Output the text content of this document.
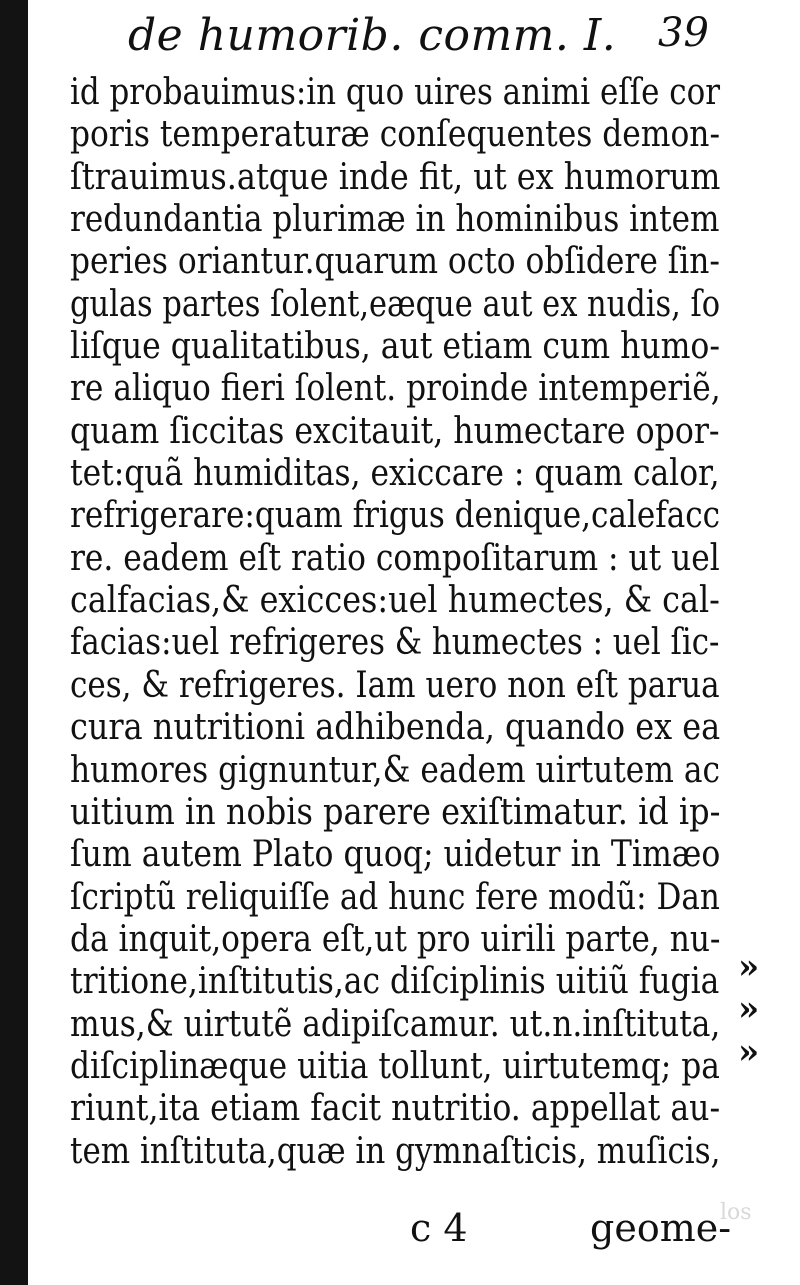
de humorib. comm. I. 39
id probauimus:in quo uires animi eſſe cor
poris temperaturæ conſequentes demon-
ſtrauimus.atque inde fit, ut ex humorum
redundantia plurimæ in hominibus intem
peries oriantur.quarum octo obſidere ſin-
gulas partes ſolent,eæque aut ex nudis, ſo
liſque qualitatibus, aut etiam cum humo-
re aliquo fieri ſolent. proinde intemperiẽ,
quam ſiccitas excitauit, humectare opor-
tet:quã humiditas, exiccare : quam calor,
refrigerare:quam frigus denique,calefacc
re. eadem eſt ratio compoſitarum : ut uel
calfacias,& exicces:uel humectes, & cal-
facias:uel refrigeres & humectes : uel ſic-
ces, & refrigeres. Iam uero non eſt parua
cura nutritioni adhibenda, quando ex ea
humores gignuntur,& eadem uirtutem ac
uitium in nobis parere exiſtimatur. id ip-
ſum autem Plato quoq; uidetur in Timæo
ſcriptũ reliquiſſe ad hunc fere modũ: Dan
da inquit,opera eſt,ut pro uirili parte, nu-
tritione,inſtitutis,ac diſciplinis uitiũ fugia
mus,& uirtutẽ adipiſcamur. ut.n.inſtituta,
diſciplinæque uitia tollunt, uirtutemq; pa
riunt,ita etiam facit nutritio. appellat au-
tem inſtituta,quæ in gymnaſticis, muſicis,
»
»
»
c 4	geome-
los
